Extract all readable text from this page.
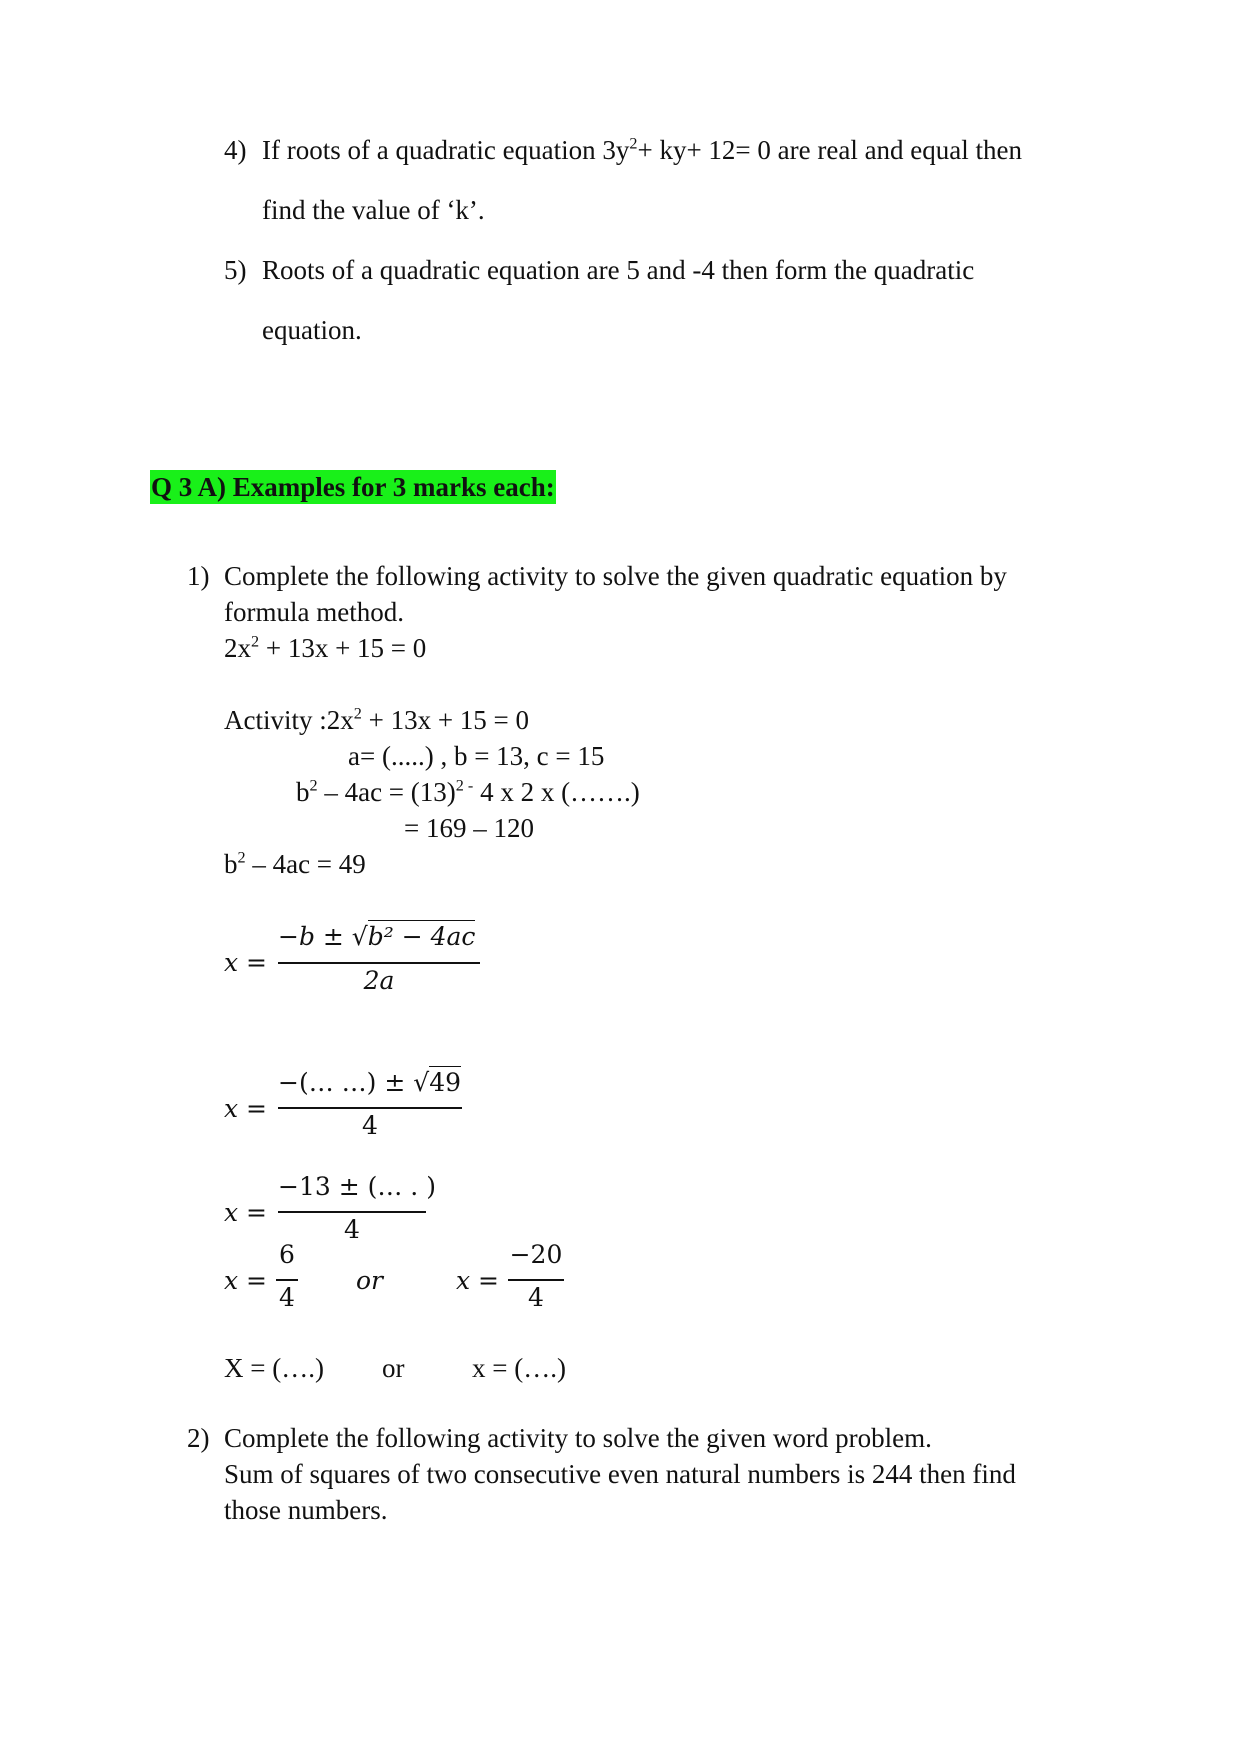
4) If roots of a quadratic equation $3y^2+ ky+ 12= 0$ are real and equal then
find the value of ‘k’.
5) Roots of a quadratic equation are 5 and -4 then form the quadratic
equation.
Q 3 A) Examples for 3 marks each:
1) Complete the following activity to solve the given quadratic equation by
formula method.
$2x^2 + 13x + 15 = 0$
Activity $:2x^2 + 13x + 15 = 0$
a= (.....) , b = 13, c = 15
$b^2 - 4ac = (13)^{2 -}$ 4 x 2 x (…….)
= 169 – 120
$b^2 - 4ac = 49$
x =
−b ± √b² − 4ac
2a
x =
−(… …) ± √49
4
x =
−13 ± (… . )
4
x =
6
4
or	x =
−20
4
X = (….) or	x = (….)
2) Complete the following activity to solve the given word problem.
Sum of squares of two consecutive even natural numbers is 244 then find
those numbers.
